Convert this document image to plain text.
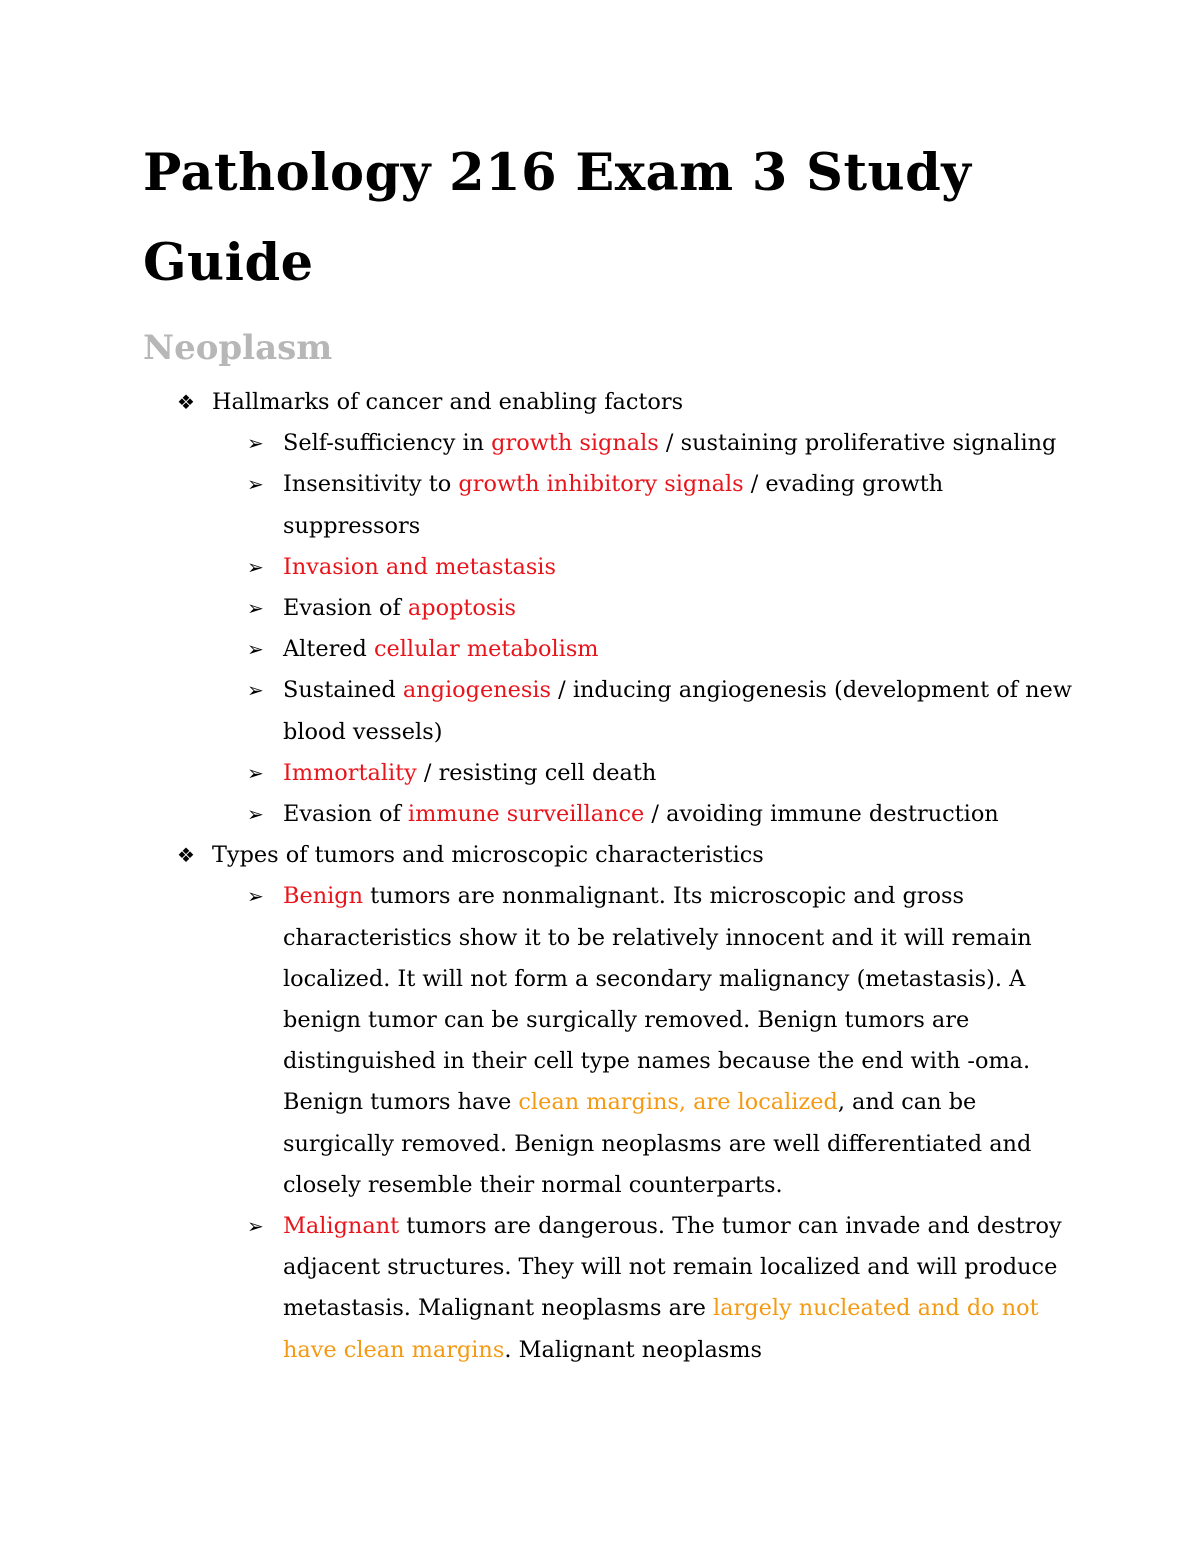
Pathology 216 Exam 3 Study Guide
Neoplasm
❖ Hallmarks of cancer and enabling factors
➢ Self-sufficiency in growth signals / sustaining proliferative signaling
➢ Insensitivity to growth inhibitory signals / evading growth suppressors
➢ Invasion and metastasis
➢ Evasion of apoptosis
➢ Altered cellular metabolism
➢ Sustained angiogenesis / inducing angiogenesis (development of new blood vessels)
➢ Immortality / resisting cell death
➢ Evasion of immune surveillance / avoiding immune destruction
❖ Types of tumors and microscopic characteristics
➢ Benign tumors are nonmalignant. Its microscopic and gross characteristics show it to be relatively innocent and it will remain localized. It will not form a secondary malignancy (metastasis). A benign tumor can be surgically removed. Benign tumors are distinguished in their cell type names because the end with -oma. Benign tumors have clean margins, are localized, and can be surgically removed. Benign neoplasms are well differentiated and closely resemble their normal counterparts.
➢ Malignant tumors are dangerous. The tumor can invade and destroy adjacent structures. They will not remain localized and will produce metastasis. Malignant neoplasms are largely nucleated and do not have clean margins. Malignant neoplasms
